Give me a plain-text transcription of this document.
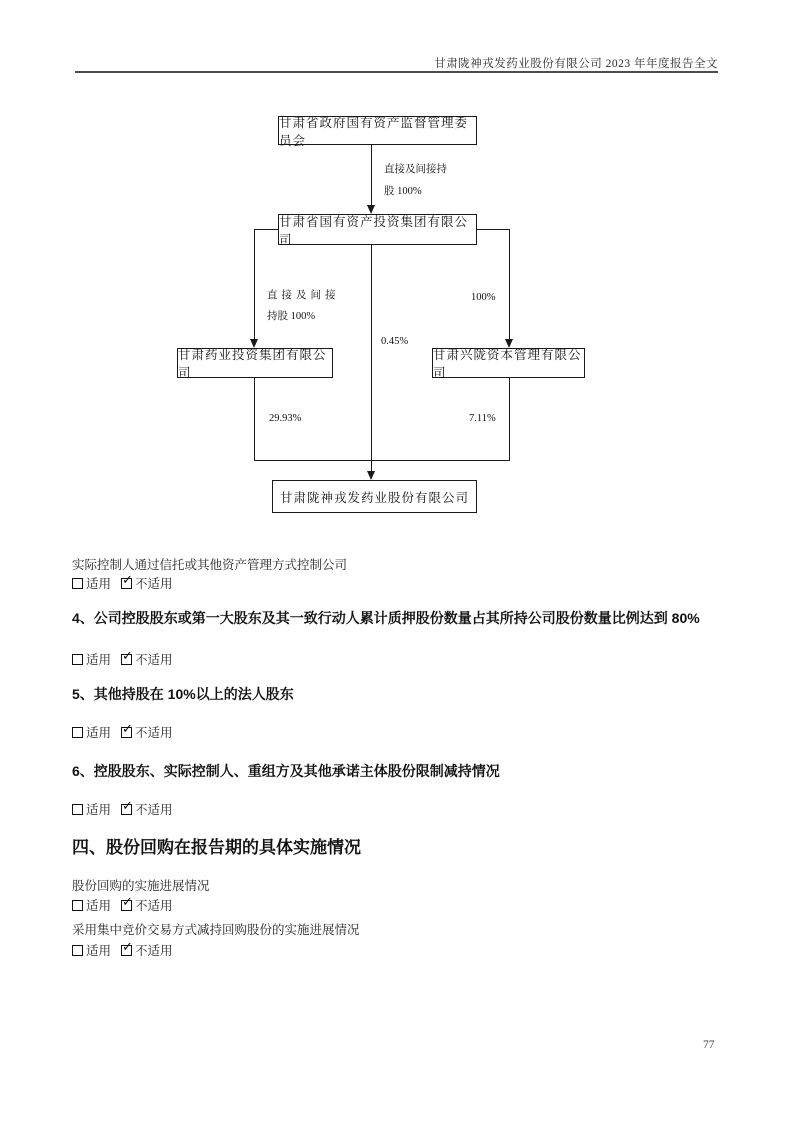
甘肃陇神戎发药业股份有限公司 2023 年年度报告全文
直接及间接持
股 100%
直接及间接
持股 100%
100%
0.45%
29.93%	7.11%
甘肃省政府国有资产监督管理委员会
甘肃省国有资产投资集团有限公司
甘肃药业投资集团有限公司
甘肃兴陇资本管理有限公司
甘肃陇神戎发药业股份有限公司
实际控制人通过信托或其他资产管理方式控制公司
适用 ✓ 不适用
4、公司控股股东或第一大股东及其一致行动人累计质押股份数量占其所持公司股份数量比例达到 80%
适用 ✓ 不适用
5、其他持股在 10%以上的法人股东
适用 ✓ 不适用
6、控股股东、实际控制人、重组方及其他承诺主体股份限制减持情况
适用 ✓ 不适用
四、股份回购在报告期的具体实施情况
股份回购的实施进展情况
适用 ✓ 不适用
采用集中竞价交易方式减持回购股份的实施进展情况
适用 ✓ 不适用
77
